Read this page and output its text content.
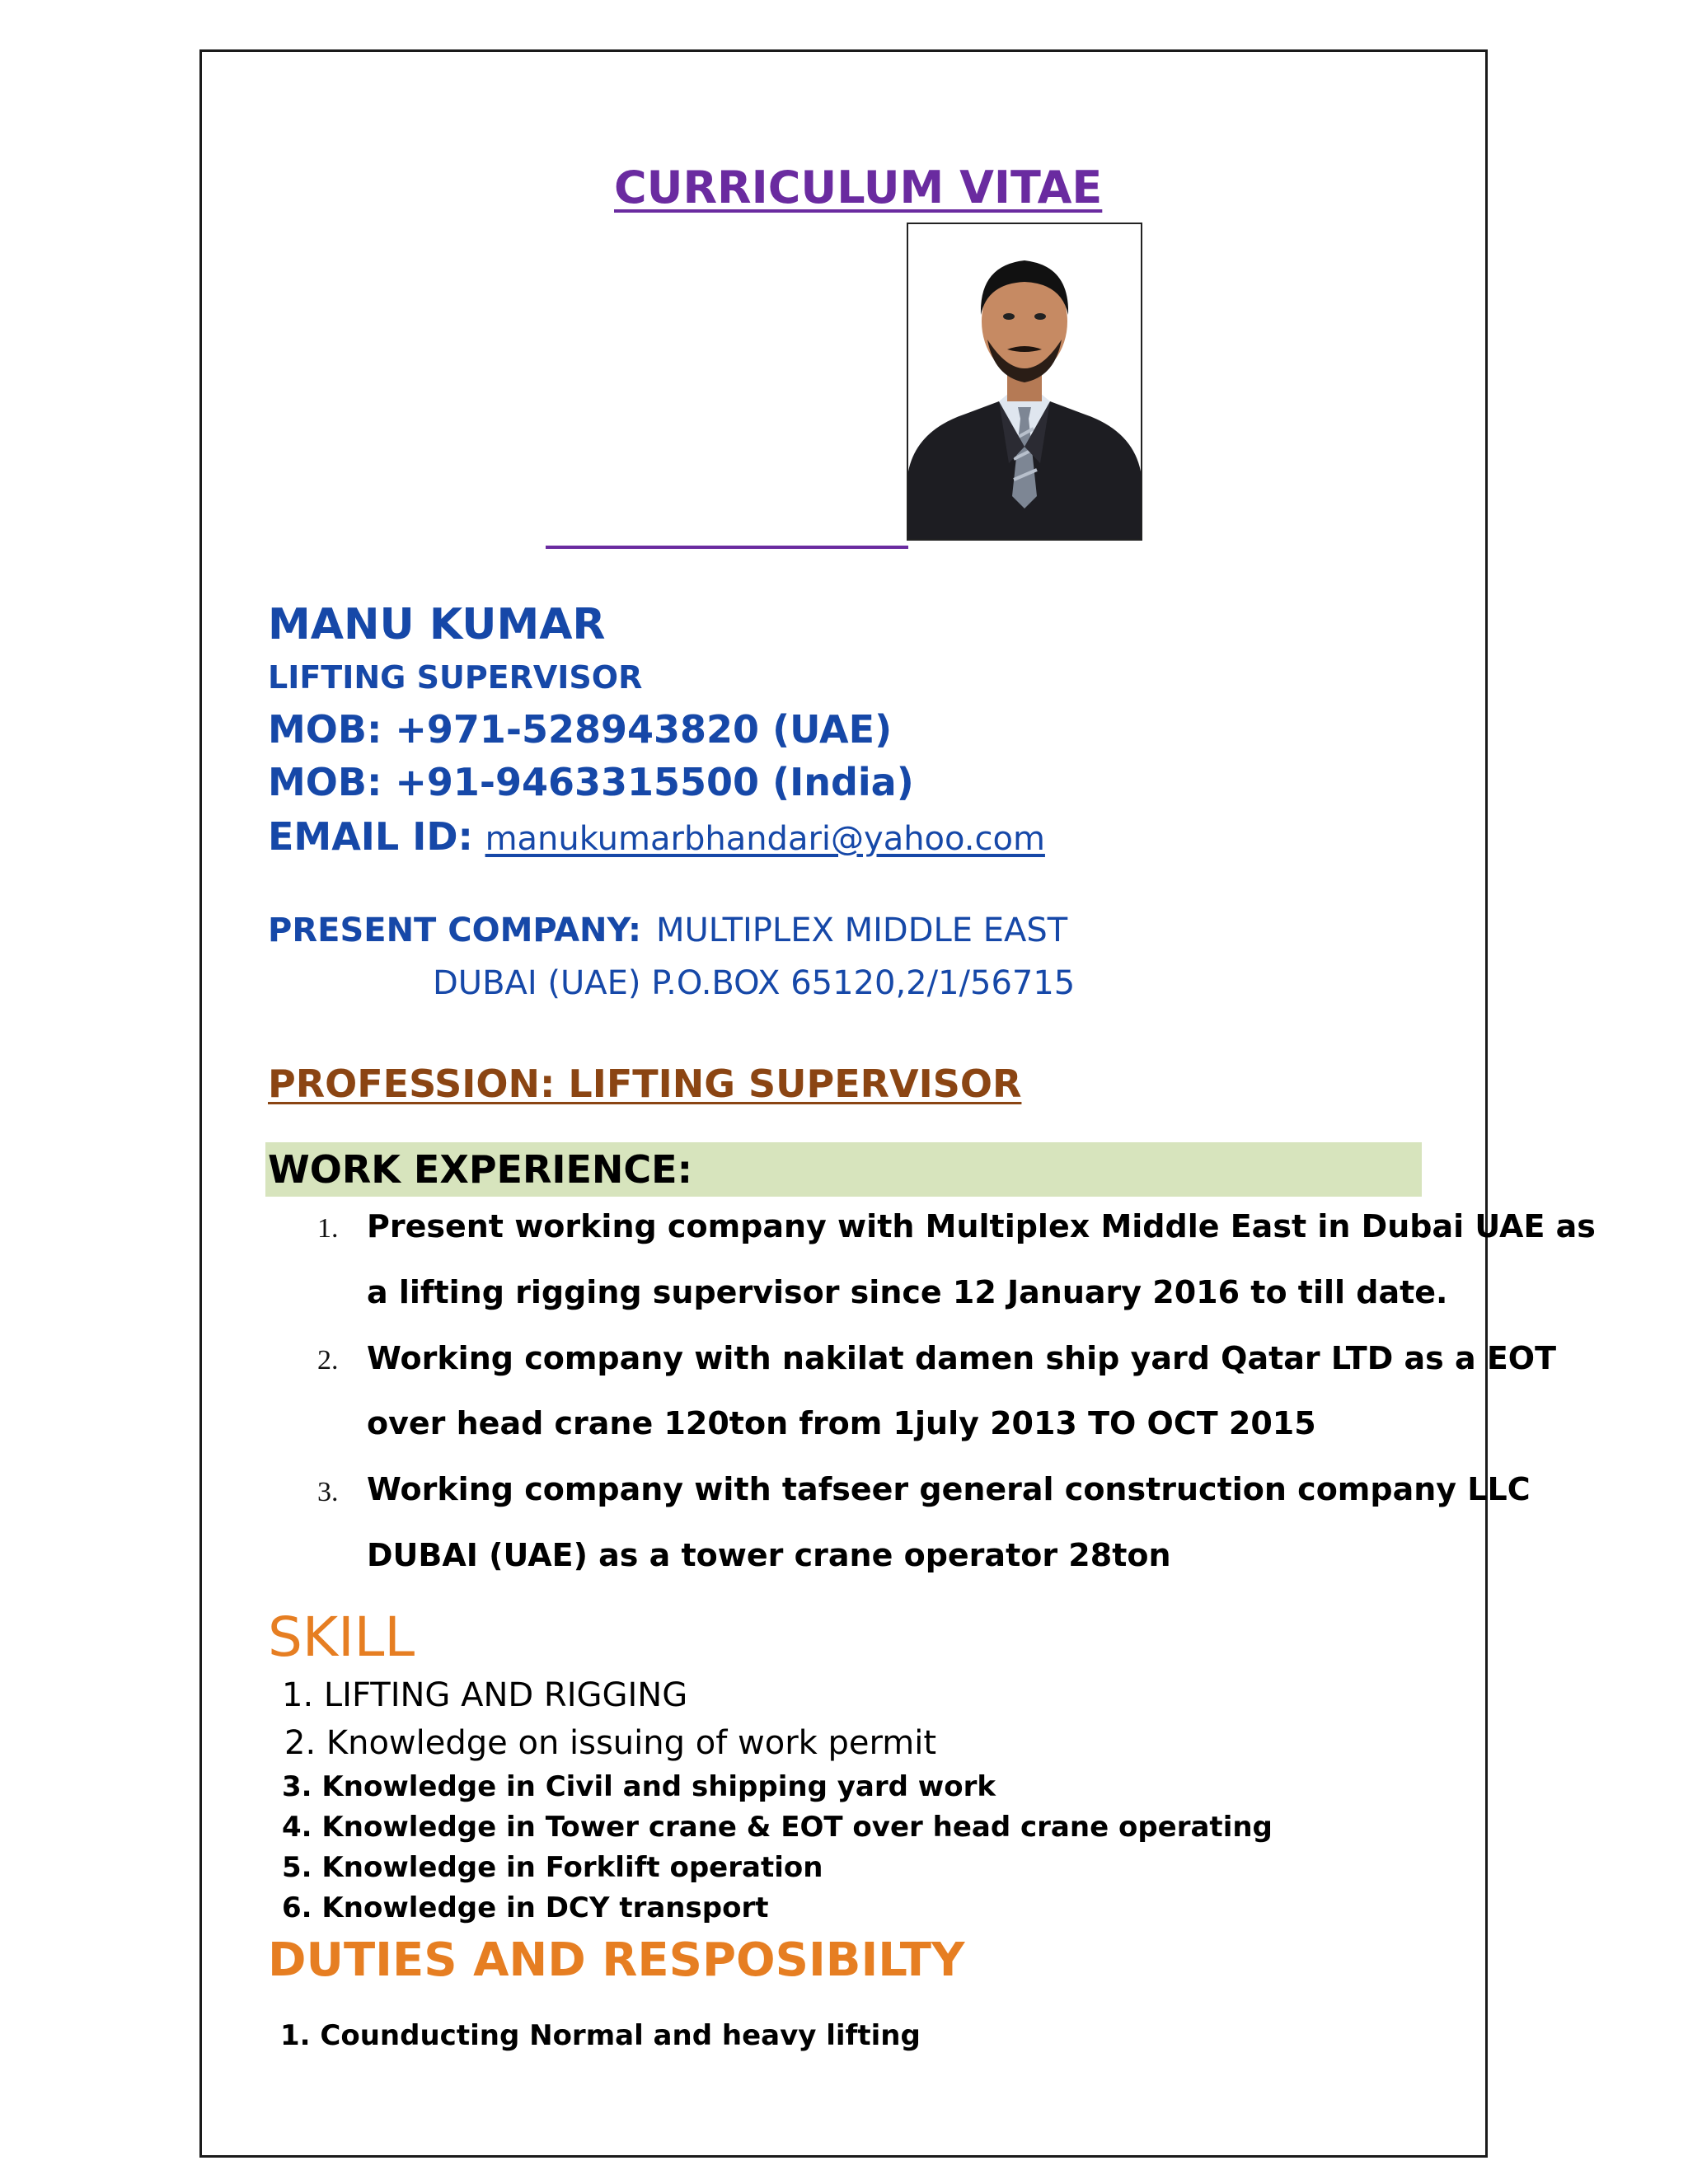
CURRICULUM VITAE
MANU KUMAR
LIFTING SUPERVISOR
MOB: +971-528943820 (UAE)
MOB: +91-9463315500 (India)
EMAIL ID: manukumarbhandari@yahoo.com
PRESENT COMPANY: MULTIPLEX MIDDLE EAST
DUBAI (UAE) P.O.BOX 65120,2/1/56715
PROFESSION: LIFTING SUPERVISOR
WORK EXPERIENCE:
1. Present working company with Multiplex Middle East in Dubai UAE as
a lifting rigging supervisor since 12 January 2016 to till date.
2. Working company with nakilat damen ship yard Qatar LTD as a EOT
over head crane 120ton from 1july 2013 TO OCT 2015
3. Working company with tafseer general construction company LLC
DUBAI (UAE) as a tower crane operator 28ton
SKILL
1. LIFTING AND RIGGING
2. Knowledge on issuing of work permit
3. Knowledge in Civil and shipping yard work
4. Knowledge in Tower crane & EOT over head crane operating
5. Knowledge in Forklift operation
6. Knowledge in DCY transport
DUTIES AND RESPOSIBILTY
1. Counducting Normal and heavy lifting
